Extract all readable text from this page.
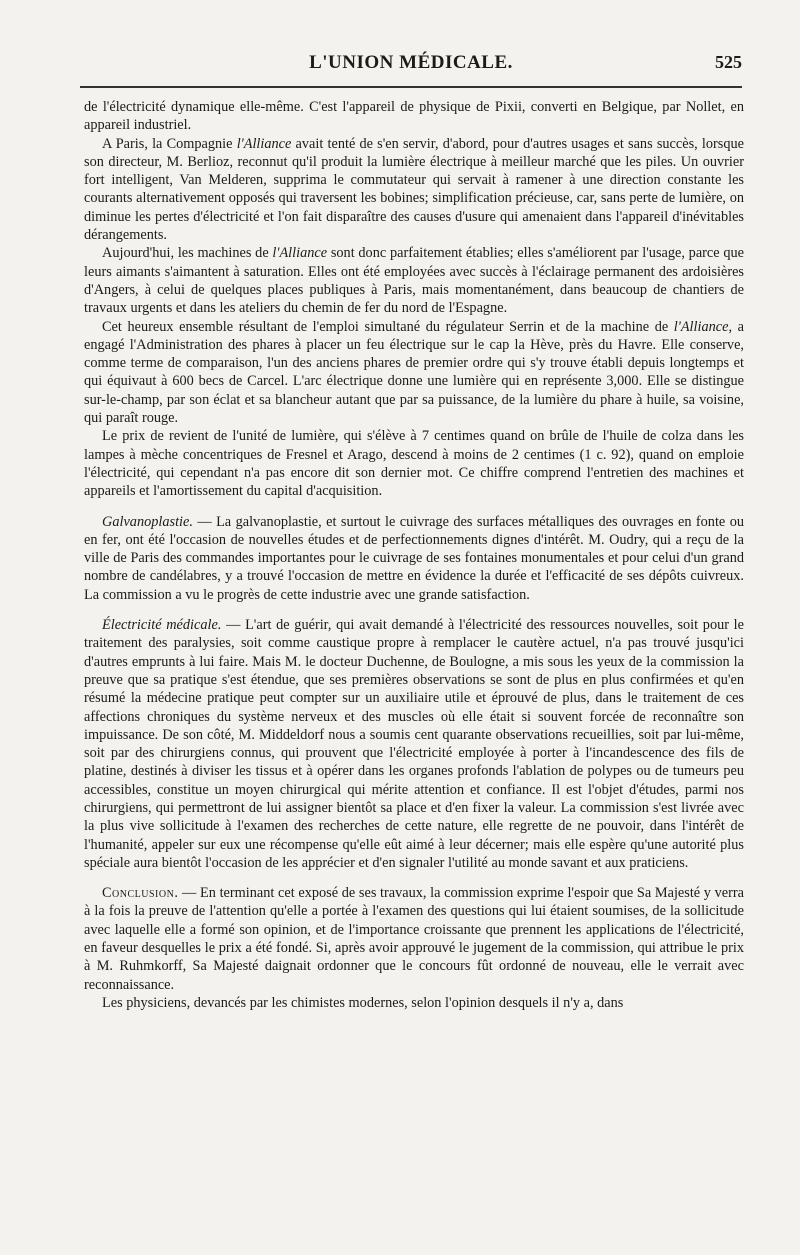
L'UNION MÉDICALE.	525

de l'électricité dynamique elle-même. C'est l'appareil de physique de Pixii, converti en Belgique, par Nollet, en appareil industriel.

A Paris, la Compagnie l'Alliance avait tenté de s'en servir, d'abord, pour d'autres usages et sans succès, lorsque son directeur, M. Berlioz, reconnut qu'il produit la lumière électrique à meilleur marché que les piles. Un ouvrier fort intelligent, Van Melderen, supprima le commutateur qui servait à ramener à une direction constante les courants alternativement opposés qui traversent les bobines; simplification précieuse, car, sans perte de lumière, on diminue les pertes d'électricité et l'on fait disparaître des causes d'usure qui amenaient dans l'appareil d'inévitables dérangements.

Aujourd'hui, les machines de l'Alliance sont donc parfaitement établies; elles s'améliorent par l'usage, parce que leurs aimants s'aimantent à saturation. Elles ont été employées avec succès à l'éclairage permanent des ardoisières d'Angers, à celui de quelques places publiques à Paris, mais momentanément, dans beaucoup de chantiers de travaux urgents et dans les ateliers du chemin de fer du nord de l'Espagne.

Cet heureux ensemble résultant de l'emploi simultané du régulateur Serrin et de la machine de l'Alliance, a engagé l'Administration des phares à placer un feu électrique sur le cap la Hève, près du Havre. Elle conserve, comme terme de comparaison, l'un des anciens phares de premier ordre qui s'y trouve établi depuis longtemps et qui équivaut à 600 becs de Carcel. L'arc électrique donne une lumière qui en représente 3,000. Elle se distingue sur-le-champ, par son éclat et sa blancheur autant que par sa puissance, de la lumière du phare à huile, sa voisine, qui paraît rouge.

Le prix de revient de l'unité de lumière, qui s'élève à 7 centimes quand on brûle de l'huile de colza dans les lampes à mèche concentriques de Fresnel et Arago, descend à moins de 2 centimes (1 c. 92), quand on emploie l'électricité, qui cependant n'a pas encore dit son dernier mot. Ce chiffre comprend l'entretien des machines et appareils et l'amortissement du capital d'acquisition.

Galvanoplastie. — La galvanoplastie, et surtout le cuivrage des surfaces métalliques des ouvrages en fonte ou en fer, ont été l'occasion de nouvelles études et de perfectionnements dignes d'intérêt. M. Oudry, qui a reçu de la ville de Paris des commandes importantes pour le cuivrage de ses fontaines monumentales et pour celui d'un grand nombre de candélabres, y a trouvé l'occasion de mettre en évidence la durée et l'efficacité de ses dépôts cuivreux. La commission a vu le progrès de cette industrie avec une grande satisfaction.

Électricité médicale. — L'art de guérir, qui avait demandé à l'électricité des ressources nouvelles, soit pour le traitement des paralysies, soit comme caustique propre à remplacer le cautère actuel, n'a pas trouvé jusqu'ici d'autres emprunts à lui faire. Mais M. le docteur Duchenne, de Boulogne, a mis sous les yeux de la commission la preuve que sa pratique s'est étendue, que ses premières observations se sont de plus en plus confirmées et qu'en résumé la médecine pratique peut compter sur un auxiliaire utile et éprouvé de plus, dans le traitement de ces affections chroniques du système nerveux et des muscles où elle était si souvent forcée de reconnaître son impuissance. De son côté, M. Middeldorf nous a soumis cent quarante observations recueillies, soit par lui-même, soit par des chirurgiens connus, qui prouvent que l'électricité employée à porter à l'incandescence des fils de platine, destinés à diviser les tissus et à opérer dans les organes profonds l'ablation de polypes ou de tumeurs peu accessibles, constitue un moyen chirurgical qui mérite attention et confiance. Il est l'objet d'études, parmi nos chirurgiens, qui permettront de lui assigner bientôt sa place et d'en fixer la valeur. La commission s'est livrée avec la plus vive sollicitude à l'examen des recherches de cette nature, elle regrette de ne pouvoir, dans l'intérêt de l'humanité, appeler sur eux une récompense qu'elle eût aimé à leur décerner; mais elle espère qu'une autorité plus spéciale aura bientôt l'occasion de les apprécier et d'en signaler l'utilité au monde savant et aux praticiens.

Conclusion. — En terminant cet exposé de ses travaux, la commission exprime l'espoir que Sa Majesté y verra à la fois la preuve de l'attention qu'elle a portée à l'examen des questions qui lui étaient soumises, de la sollicitude avec laquelle elle a formé son opinion, et de l'importance croissante que prennent les applications de l'électricité, en faveur desquelles le prix a été fondé. Si, après avoir approuvé le jugement de la commission, qui attribue le prix à M. Ruhmkorff, Sa Majesté daignait ordonner que le concours fût ordonné de nouveau, elle le verrait avec reconnaissance.

Les physiciens, devancés par les chimistes modernes, selon l'opinion desquels il n'y a, dans
